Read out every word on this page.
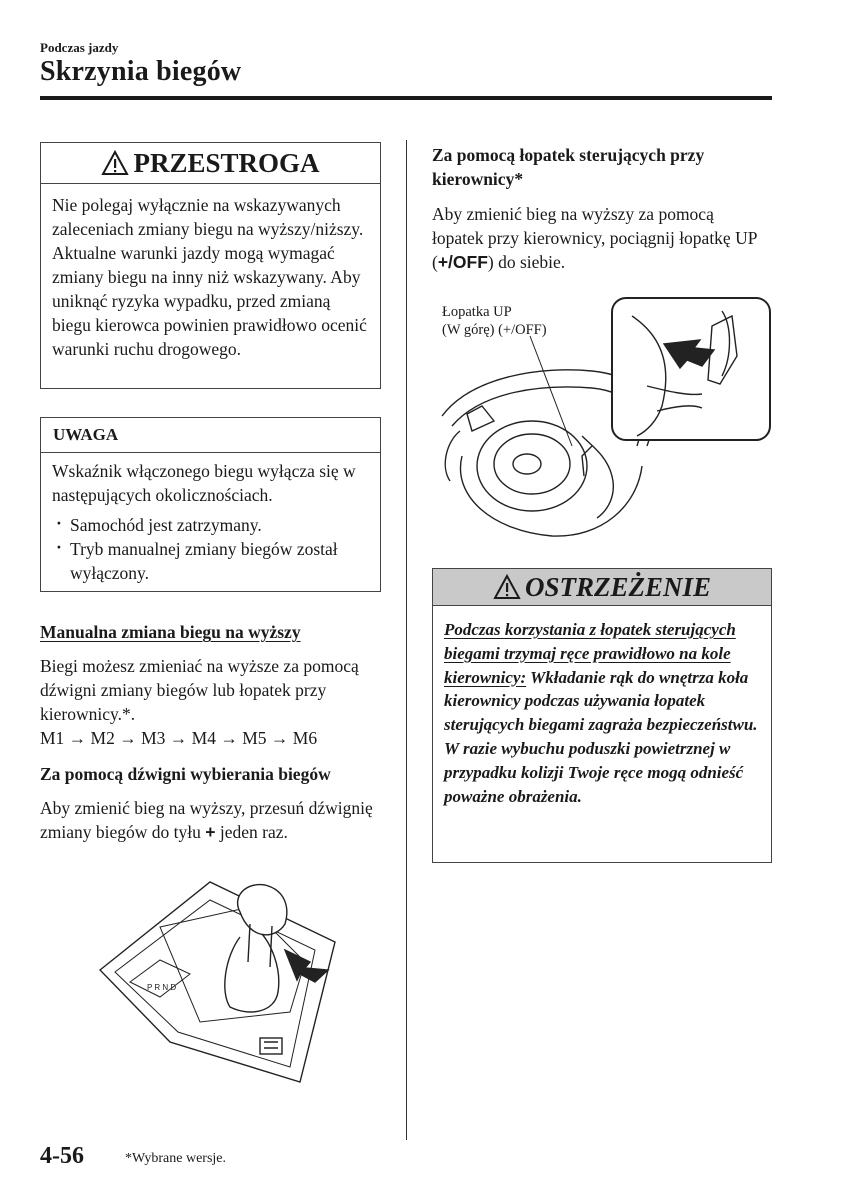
Podczas jazdy
Skrzynia biegów
PRZESTROGA
Nie polegaj wyłącznie na wskazywanych zaleceniach zmiany biegu na wyższy/niższy. Aktualne warunki jazdy mogą wymagać zmiany biegu na inny niż wskazywany. Aby uniknąć ryzyka wypadku, przed zmianą biegu kierowca powinien prawidłowo ocenić warunki ruchu drogowego.
UWAGA
Wskaźnik włączonego biegu wyłącza się w następujących okolicznościach.
· Samochód jest zatrzymany.
· Tryb manualnej zmiany biegów został wyłączony.
Manualna zmiana biegu na wyższy
Biegi możesz zmieniać na wyższe za pomocą dźwigni zmiany biegów lub łopatek przy kierownicy.*.
M1 → M2 → M3 → M4 → M5 → M6
Za pomocą dźwigni wybierania biegów
Aby zmienić bieg na wyższy, przesuń dźwignię zmiany biegów do tyłu + jeden raz.
P R N D
Za pomocą łopatek sterujących przy kierownicy*
Aby zmienić bieg na wyższy za pomocą łopatek przy kierownicy, pociągnij łopatkę UP (+/OFF) do siebie.
Łopatka UP
(W górę) (+/OFF)
OSTRZEŻENIE
Podczas korzystania z łopatek sterujących biegami trzymaj ręce prawidłowo na kole kierownicy: Wkładanie rąk do wnętrza koła kierownicy podczas używania łopatek sterujących biegami zagraża bezpieczeństwu. W razie wybuchu poduszki powietrznej w przypadku kolizji Twoje ręce mogą odnieść poważne obrażenia.
4-56	*Wybrane wersje.
